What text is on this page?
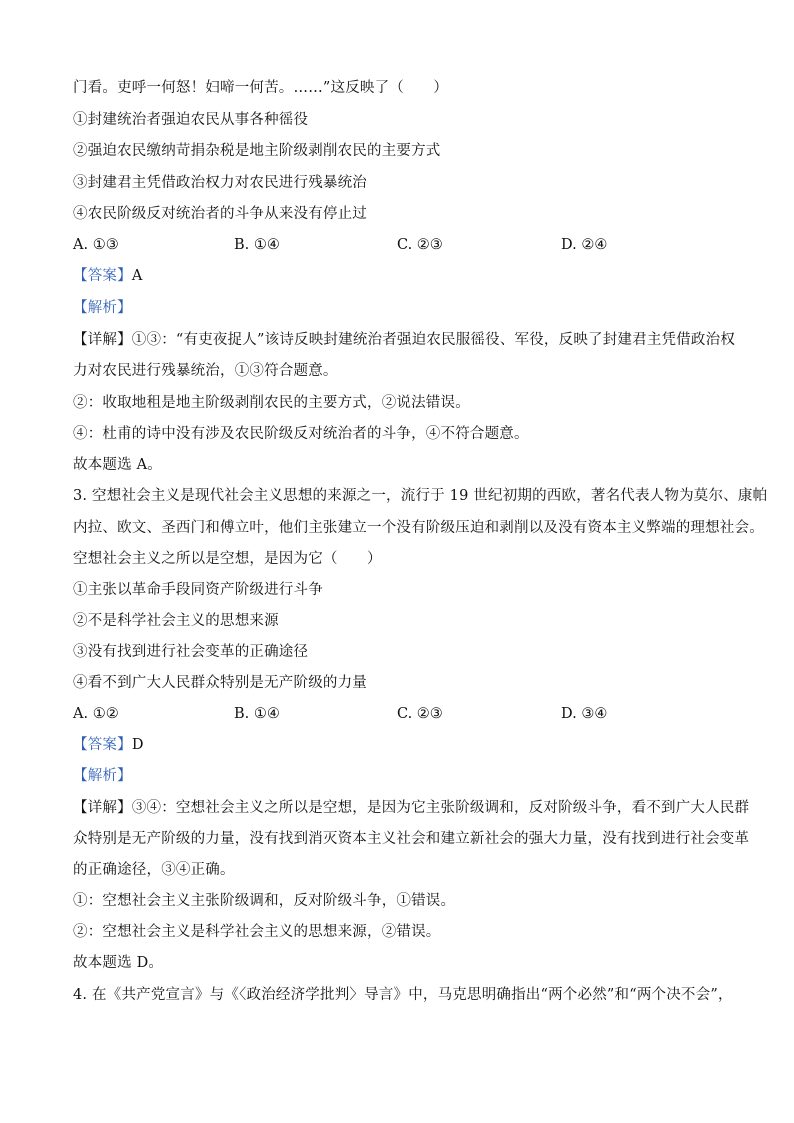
门看。吏呼一何怒！妇啼一何苦。……”这反映了（　　）
①封建统治者强迫农民从事各种徭役
②强迫农民缴纳苛捐杂税是地主阶级剥削农民的主要方式
③封建君主凭借政治权力对农民进行残暴统治
④农民阶级反对统治者的斗争从来没有停止过
A. ①③	B. ①④	C. ②③	D. ②④
【答案】A
【解析】
【详解】①③：“有吏夜捉人”该诗反映封建统治者强迫农民服徭役、军役，反映了封建君主凭借政治权
力对农民进行残暴统治，①③符合题意。
②：收取地租是地主阶级剥削农民的主要方式，②说法错误。
④：杜甫的诗中没有涉及农民阶级反对统治者的斗争，④不符合题意。
故本题选 A。
3. 空想社会主义是现代社会主义思想的来源之一，流行于 19 世纪初期的西欧，著名代表人物为莫尔、康帕
内拉、欧文、圣西门和傅立叶，他们主张建立一个没有阶级压迫和剥削以及没有资本主义弊端的理想社会。
空想社会主义之所以是空想，是因为它（　　）
①主张以革命手段同资产阶级进行斗争
②不是科学社会主义的思想来源
③没有找到进行社会变革的正确途径
④看不到广大人民群众特别是无产阶级的力量
A. ①②	B. ①④	C. ②③	D. ③④
【答案】D
【解析】
【详解】③④：空想社会主义之所以是空想，是因为它主张阶级调和，反对阶级斗争，看不到广大人民群
众特别是无产阶级的力量，没有找到消灭资本主义社会和建立新社会的强大力量，没有找到进行社会变革
的正确途径，③④正确。
①：空想社会主义主张阶级调和，反对阶级斗争，①错误。
②：空想社会主义是科学社会主义的思想来源，②错误。
故本题选 D。
4. 在《共产党宣言》与《〈政治经济学批判〉导言》中，马克思明确指出“两个必然”和“两个决不会”，
